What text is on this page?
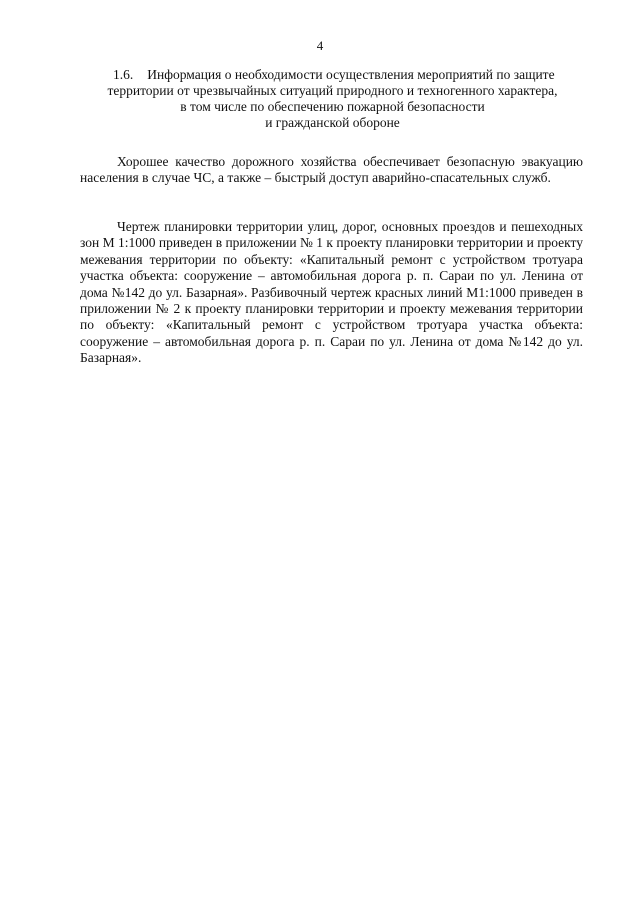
4
1.6. Информация о необходимости осуществления мероприятий по защите
территории от чрезвычайных ситуаций природного и техногенного характера,
в том числе по обеспечению пожарной безопасности
и гражданской обороне

Хорошее качество дорожного хозяйства обеспечивает безопасную эвакуацию населения в случае ЧС, а также – быстрый доступ аварийно-спасательных служб.

Чертеж планировки территории улиц, дорог, основных проездов и пешеходных зон М 1:1000 приведен в приложении № 1 к проекту планировки территории и проекту межевания территории по объекту: «Капитальный ремонт с устройством тротуара участка объекта: сооружение – автомобильная дорога р. п. Сараи по ул. Ленина от дома №142 до ул. Базарная». Разбивочный чертеж красных линий М1:1000 приведен в приложении № 2 к проекту планировки территории и проекту межевания территории по объекту: «Капитальный ремонт с устройством тротуара участка объекта: сооружение – автомобильная дорога р. п. Сараи по ул. Ленина от дома №142 до ул. Базарная».
